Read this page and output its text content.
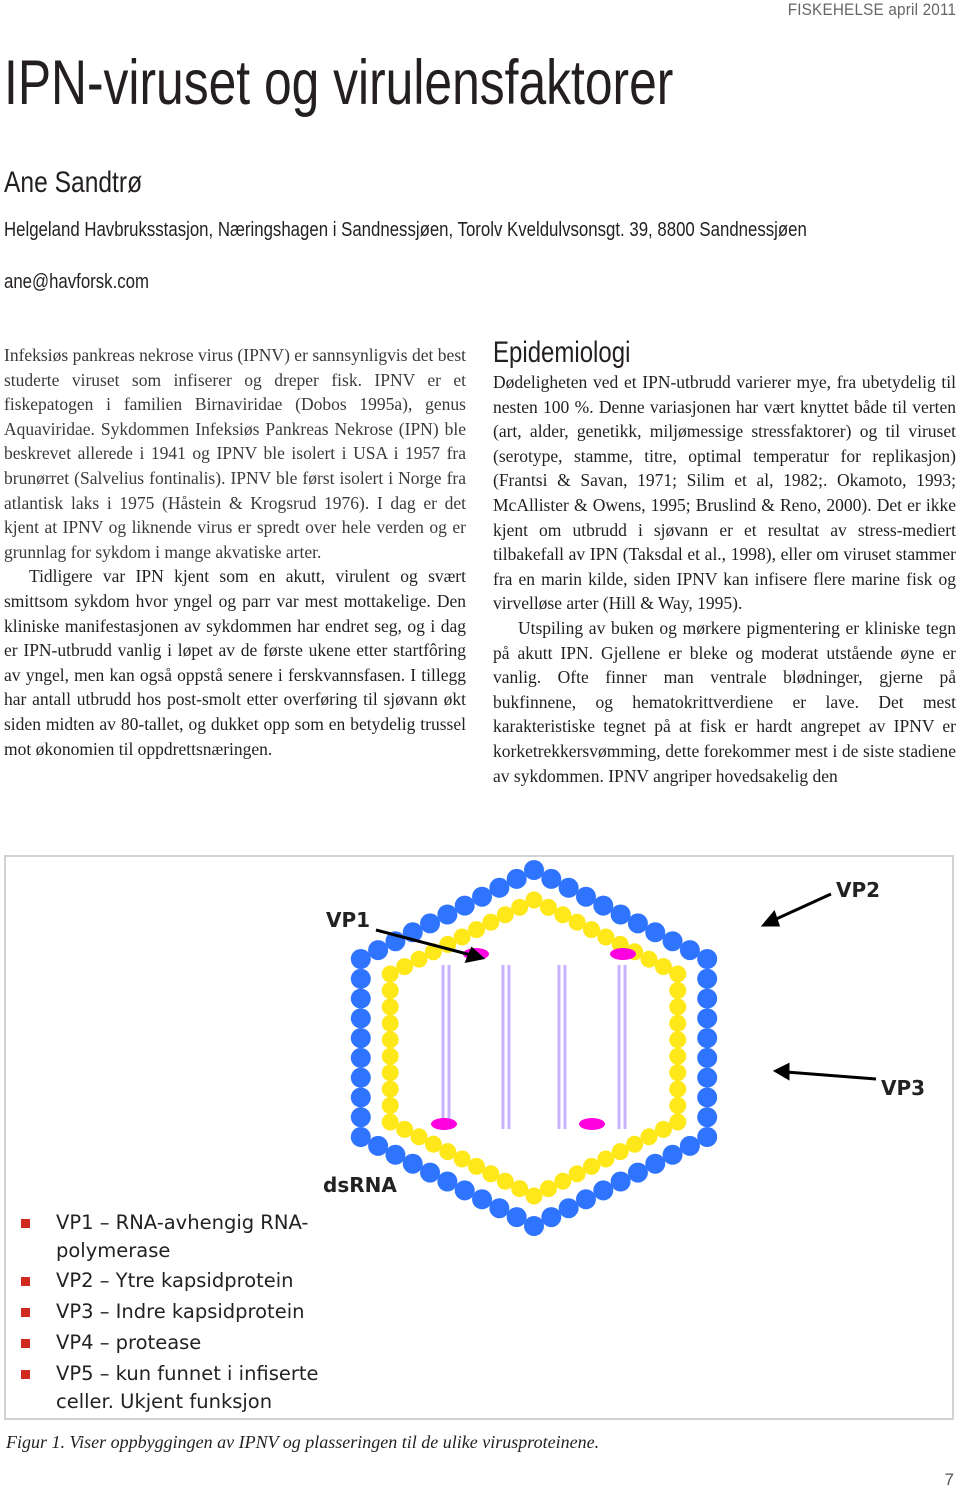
FISKEHELSE april 2011
IPN-viruset og virulensfaktorer
Ane Sandtrø
Helgeland Havbruksstasjon, Næringshagen i Sandnessjøen, Torolv Kveldulvsonsgt. 39, 8800 Sandnessjøen
ane@havforsk.com

Infeksiøs pankreas nekrose virus (IPNV) er sannsynligvis det best studerte viruset som infiserer og dreper fisk. IPNV er et fiskepatogen i familien Birnaviridae (Dobos 1995a), genus Aquaviridae. Sykdommen Infeksiøs Pankreas Nekrose (IPN) ble beskrevet allerede i 1941 og IPNV ble isolert i USA i 1957 fra brunørret (Salvelius fontinalis). IPNV ble først isolert i Norge fra atlantisk laks i 1975 (Håstein & Krogsrud 1976). I dag er det kjent at IPNV og liknende virus er spredt over hele verden og er grunnlag for sykdom i mange akvatiske arter.

Tidligere var IPN kjent som en akutt, virulent og svært smittsom sykdom hvor yngel og parr var mest mottakelige. Den kliniske manifestasjonen av sykdommen har endret seg, og i dag er IPN-utbrudd vanlig i løpet av de første ukene etter startfôring av yngel, men kan også oppstå senere i ferskvannsfasen. I tillegg har antall utbrudd hos post-smolt etter overføring til sjøvann økt siden midten av 80-tallet, og dukket opp som en betydelig trussel mot økonomien til oppdrettsnæringen.

Epidemiologi

Dødeligheten ved et IPN-utbrudd varierer mye, fra ubetydelig til nesten 100 %. Denne variasjonen har vært knyttet både til verten (art, alder, genetikk, miljømessige stressfaktorer) og til viruset (serotype, stamme, titre, optimal temperatur for replikasjon) (Frantsi & Savan, 1971; Silim et al, 1982;. Okamoto, 1993; McAllister & Owens, 1995; Bruslind & Reno, 2000). Det er ikke kjent om utbrudd i sjøvann er et resultat av stress-mediert tilbakefall av IPN (Taksdal et al., 1998), eller om viruset stammer fra en marin kilde, siden IPNV kan infisere flere marine fisk og virvelløse arter (Hill & Way, 1995).

Utspiling av buken og mørkere pigmentering er kliniske tegn på akutt IPN. Gjellene er bleke og moderat utstående øyne er vanlig. Ofte finner man ventrale blødninger, gjerne på bukfinnene, og hematokrittverdiene er lave. Det mest karakteristiske tegnet på at fisk er hardt angrepet av IPNV er korketrekkersvømming, dette forekommer mest i de siste stadiene av sykdommen. IPNV angriper hovedsakelig den

VP1
VP2
VP3
dsRNA
VP1 – RNA-avhengig RNA-polymerase
VP2 – Ytre kapsidprotein
VP3 – Indre kapsidprotein
VP4 – protease
VP5 – kun funnet i infiserte celler. Ukjent funksjon
Figur 1. Viser oppbyggingen av IPNV og plasseringen til de ulike virusproteinene.
7
